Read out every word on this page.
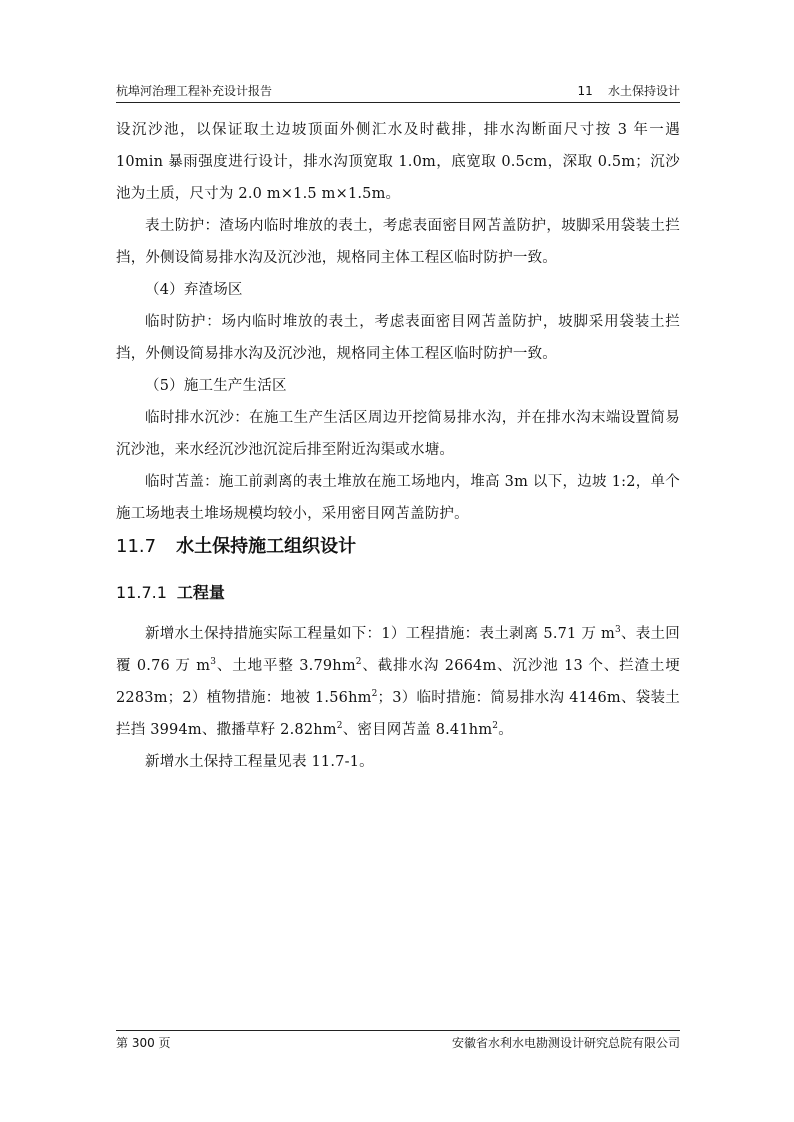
杭埠河治理工程补充设计报告	11    水土保持设计

设沉沙池，以保证取土边坡顶面外侧汇水及时截排，排水沟断面尺寸按 3 年一遇10min 暴雨强度进行设计，排水沟顶宽取 1.0m，底宽取 0.5cm，深取 0.5m；沉沙池为土质，尺寸为 2.0 m×1.5 m×1.5m。

表土防护：渣场内临时堆放的表土，考虑表面密目网苫盖防护，坡脚采用袋装土拦挡，外侧设简易排水沟及沉沙池，规格同主体工程区临时防护一致。

（4）弃渣场区

临时防护：场内临时堆放的表土，考虑表面密目网苫盖防护，坡脚采用袋装土拦挡，外侧设简易排水沟及沉沙池，规格同主体工程区临时防护一致。

（5）施工生产生活区

临时排水沉沙：在施工生产生活区周边开挖简易排水沟，并在排水沟末端设置简易沉沙池，来水经沉沙池沉淀后排至附近沟渠或水塘。

临时苫盖：施工前剥离的表土堆放在施工场地内，堆高 3m 以下，边坡 1:2，单个施工场地表土堆场规模均较小，采用密目网苫盖防护。

11.7 水土保持施工组织设计
11.7.1 工程量

新增水土保持措施实际工程量如下：1）工程措施：表土剥离 5.71 万 $m^3$、表土回覆 0.76 万 $m^3$、土地平整 $3.79hm^2$、截排水沟 2664m、沉沙池 13 个、拦渣土埂 2283m；2）植物措施：地被 $1.56hm^2$；3）临时措施：简易排水沟 4146m、袋装土拦挡 3994m、撒播草籽 $2.82hm^2$、密目网苫盖 $8.41hm^2$。

新增水土保持工程量见表 11.7-1。

第 300 页	安徽省水利水电勘测设计研究总院有限公司
